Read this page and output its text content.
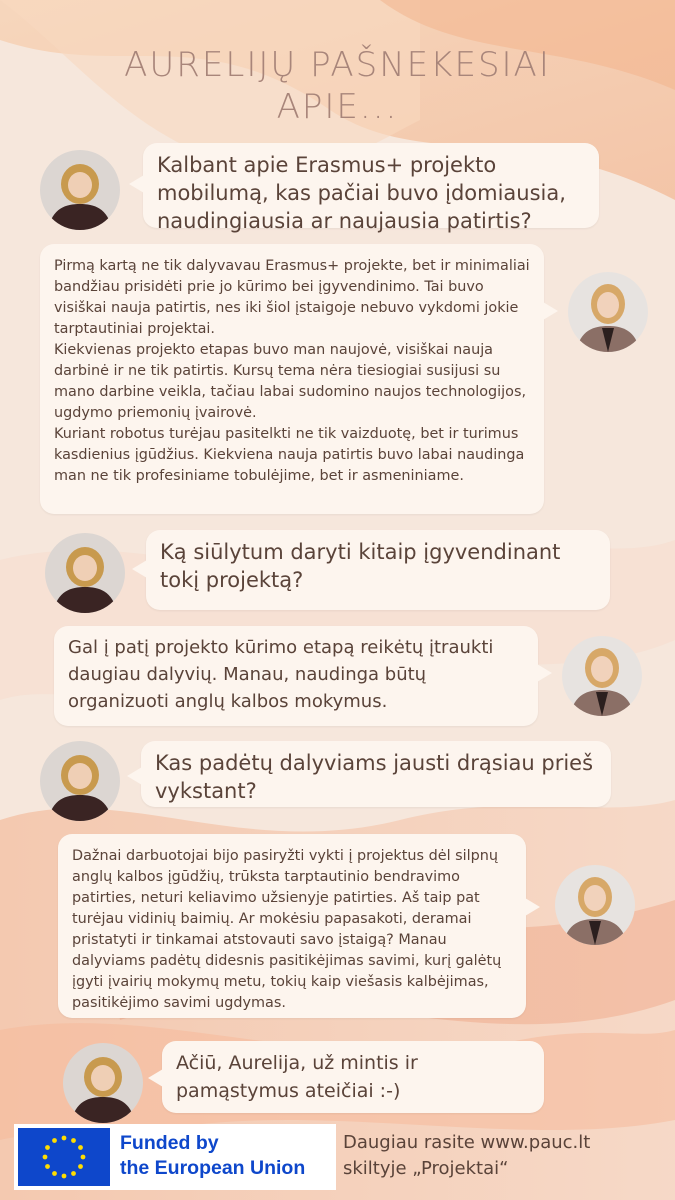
AURELIJŲ PAŠNEKESIAI
APIE...

Kalbant apie Erasmus+ projekto mobilumą, kas pačiai buvo įdomiausia, naudingiausia ar naujausia patirtis?

Pirmą kartą ne tik dalyvavau Erasmus+ projekte, bet ir minimaliai bandžiau prisidėti prie jo kūrimo bei įgyvendinimo. Tai buvo visiškai nauja patirtis, nes iki šiol įstaigoje nebuvo vykdomi jokie tarptautiniai projektai.
Kiekvienas projekto etapas buvo man naujovė, visiškai nauja darbinė ir ne tik patirtis. Kursų tema nėra tiesiogiai susijusi su mano darbine veikla, tačiau labai sudomino naujos technologijos, ugdymo priemonių įvairovė.
Kuriant robotus turėjau pasitelkti ne tik vaizduotę, bet ir turimus kasdienius įgūdžius. Kiekviena nauja patirtis buvo labai naudinga man ne tik profesiniame tobulėjime, bet ir asmeniniame.

Ką siūlytum daryti kitaip įgyvendinant tokį projektą?

Gal į patį projekto kūrimo etapą reikėtų įtraukti daugiau dalyvių. Manau, naudinga būtų organizuoti anglų kalbos mokymus.

Kas padėtų dalyviams jausti drąsiau prieš vykstant?

Dažnai darbuotojai bijo pasiryžti vykti į projektus dėl silpnų anglų kalbos įgūdžių, trūksta tarptautinio bendravimo patirties, neturi keliavimo užsienyje patirties. Aš taip pat turėjau vidinių baimių. Ar mokėsiu papasakoti, deramai pristatyti ir tinkamai atstovauti savo įstaigą? Manau dalyviams padėtų didesnis pasitikėjimas savimi, kurį galėtų įgyti įvairių mokymų metu, tokių kaip viešasis kalbėjimas, pasitikėjimo savimi ugdymas.

Ačiū, Aurelija, už mintis ir pamąstymus ateičiai :-)

Funded by
the European Union
Daugiau rasite www.pauc.lt
skiltyje „Projektai“
